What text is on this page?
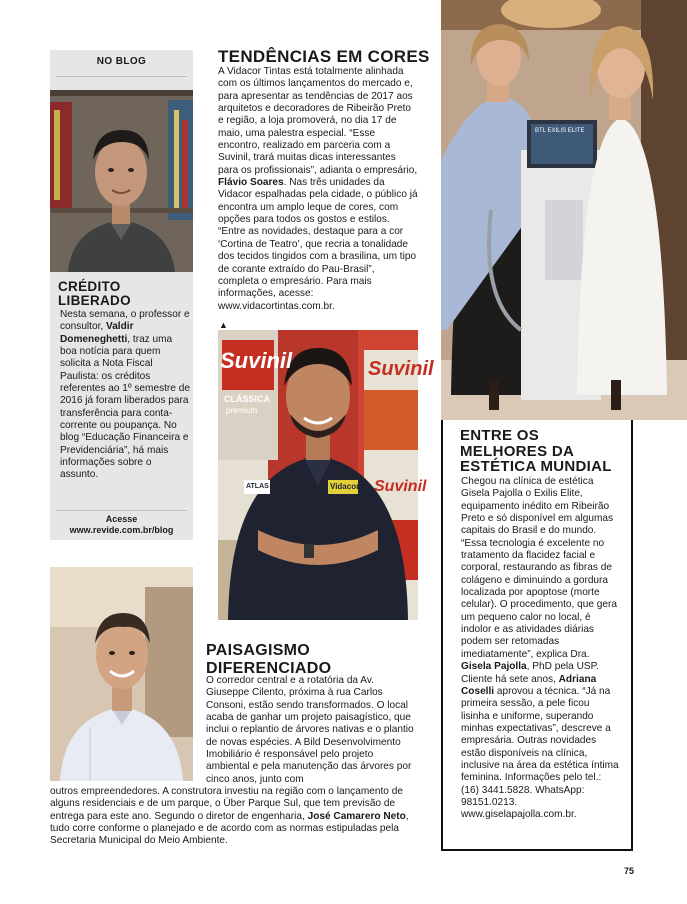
NO BLOG
CRÉDITO
LIBERADO

Nesta semana, o professor e consultor, Valdir Domeneghetti, traz uma boa notícia para quem solicita a Nota Fiscal Paulista: os créditos referentes ao 1º semestre de 2016 já foram liberados para transferência para conta-corrente ou poupança. No blog “Educação Financeira e Previdenciária”, há mais informações sobre o assunto.

Acesse
www.revide.com.br/blog
TENDÊNCIAS EM CORES

A Vidacor Tintas está totalmente alinhada com os últimos lançamentos do mercado e, para apresentar as tendências de 2017 aos arquitetos e decoradores de Ribeirão Preto e região, a loja promoverá, no dia 17 de maio, uma palestra especial. “Esse encontro, realizado em parceria com a Suvinil, trará muitas dicas interessantes para os profissionais”, adianta o empresário, Flávio Soares. Nas três unidades da Vidacor espalhadas pela cidade, o público já encontra um amplo leque de cores, com opções para todos os gostos e estilos. “Entre as novidades, destaque para a cor ‘Cortina de Teatro’, que recria a tonalidade dos tecidos tingidos com a brasilina, um tipo de corante extraído do Pau-Brasil”, completa o empresário. Para mais informações, acesse: www.vidacortintas.com.br.

▲
Suvinil	Suvinil
Suvinil
CLÁSSICA
premium
Vidacor
ATLAS
PAISAGISMO
DIFERENCIADO

O corredor central e a rotatória da Av. Giuseppe Cilento, próxima à rua Carlos Consoni, estão sendo transformados. O local acaba de ganhar um projeto paisagístico, que inclui o replantio de árvores nativas e o plantio de novas espécies. A Bild Desenvolvimento Imobiliário é responsável pelo projeto ambiental e pela manutenção das árvores por cinco anos, junto com

outros empreendedores. A construtora investiu na região com o lançamento de alguns residenciais e de um parque, o Über Parque Sul, que tem previsão de entrega para este ano. Segundo o diretor de engenharia, José Camarero Neto, tudo corre conforme o planejado e de acordo com as normas estipuladas pela Secretaria Municipal do Meio Ambiente.

BTL EXILIS ELITE
ENTRE OS
MELHORES DA
ESTÉTICA MUNDIAL

Chegou na clínica de estética Gisela Pajolla o Exilis Elite, equipamento inédito em Ribeirão Preto e só disponível em algumas capitais do Brasil e do mundo. “Essa tecnologia é excelente no tratamento da flacidez facial e corporal, restaurando as fibras de colágeno e diminuindo a gordura localizada por apoptose (morte celular). O procedimento, que gera um pequeno calor no local, é indolor e as atividades diárias podem ser retomadas imediatamente”, explica Dra. Gisela Pajolla, PhD pela USP. Cliente há sete anos, Adriana Coselli aprovou a técnica. “Já na primeira sessão, a pele ficou lisinha e uniforme, superando minhas expectativas”, descreve a empresária. Outras novidades estão disponíveis na clínica, inclusive na área da estética íntima feminina. Informações pelo tel.: (16) 3441.5828. WhatsApp: 98151.0213. www.giselapajolla.com.br.

75
